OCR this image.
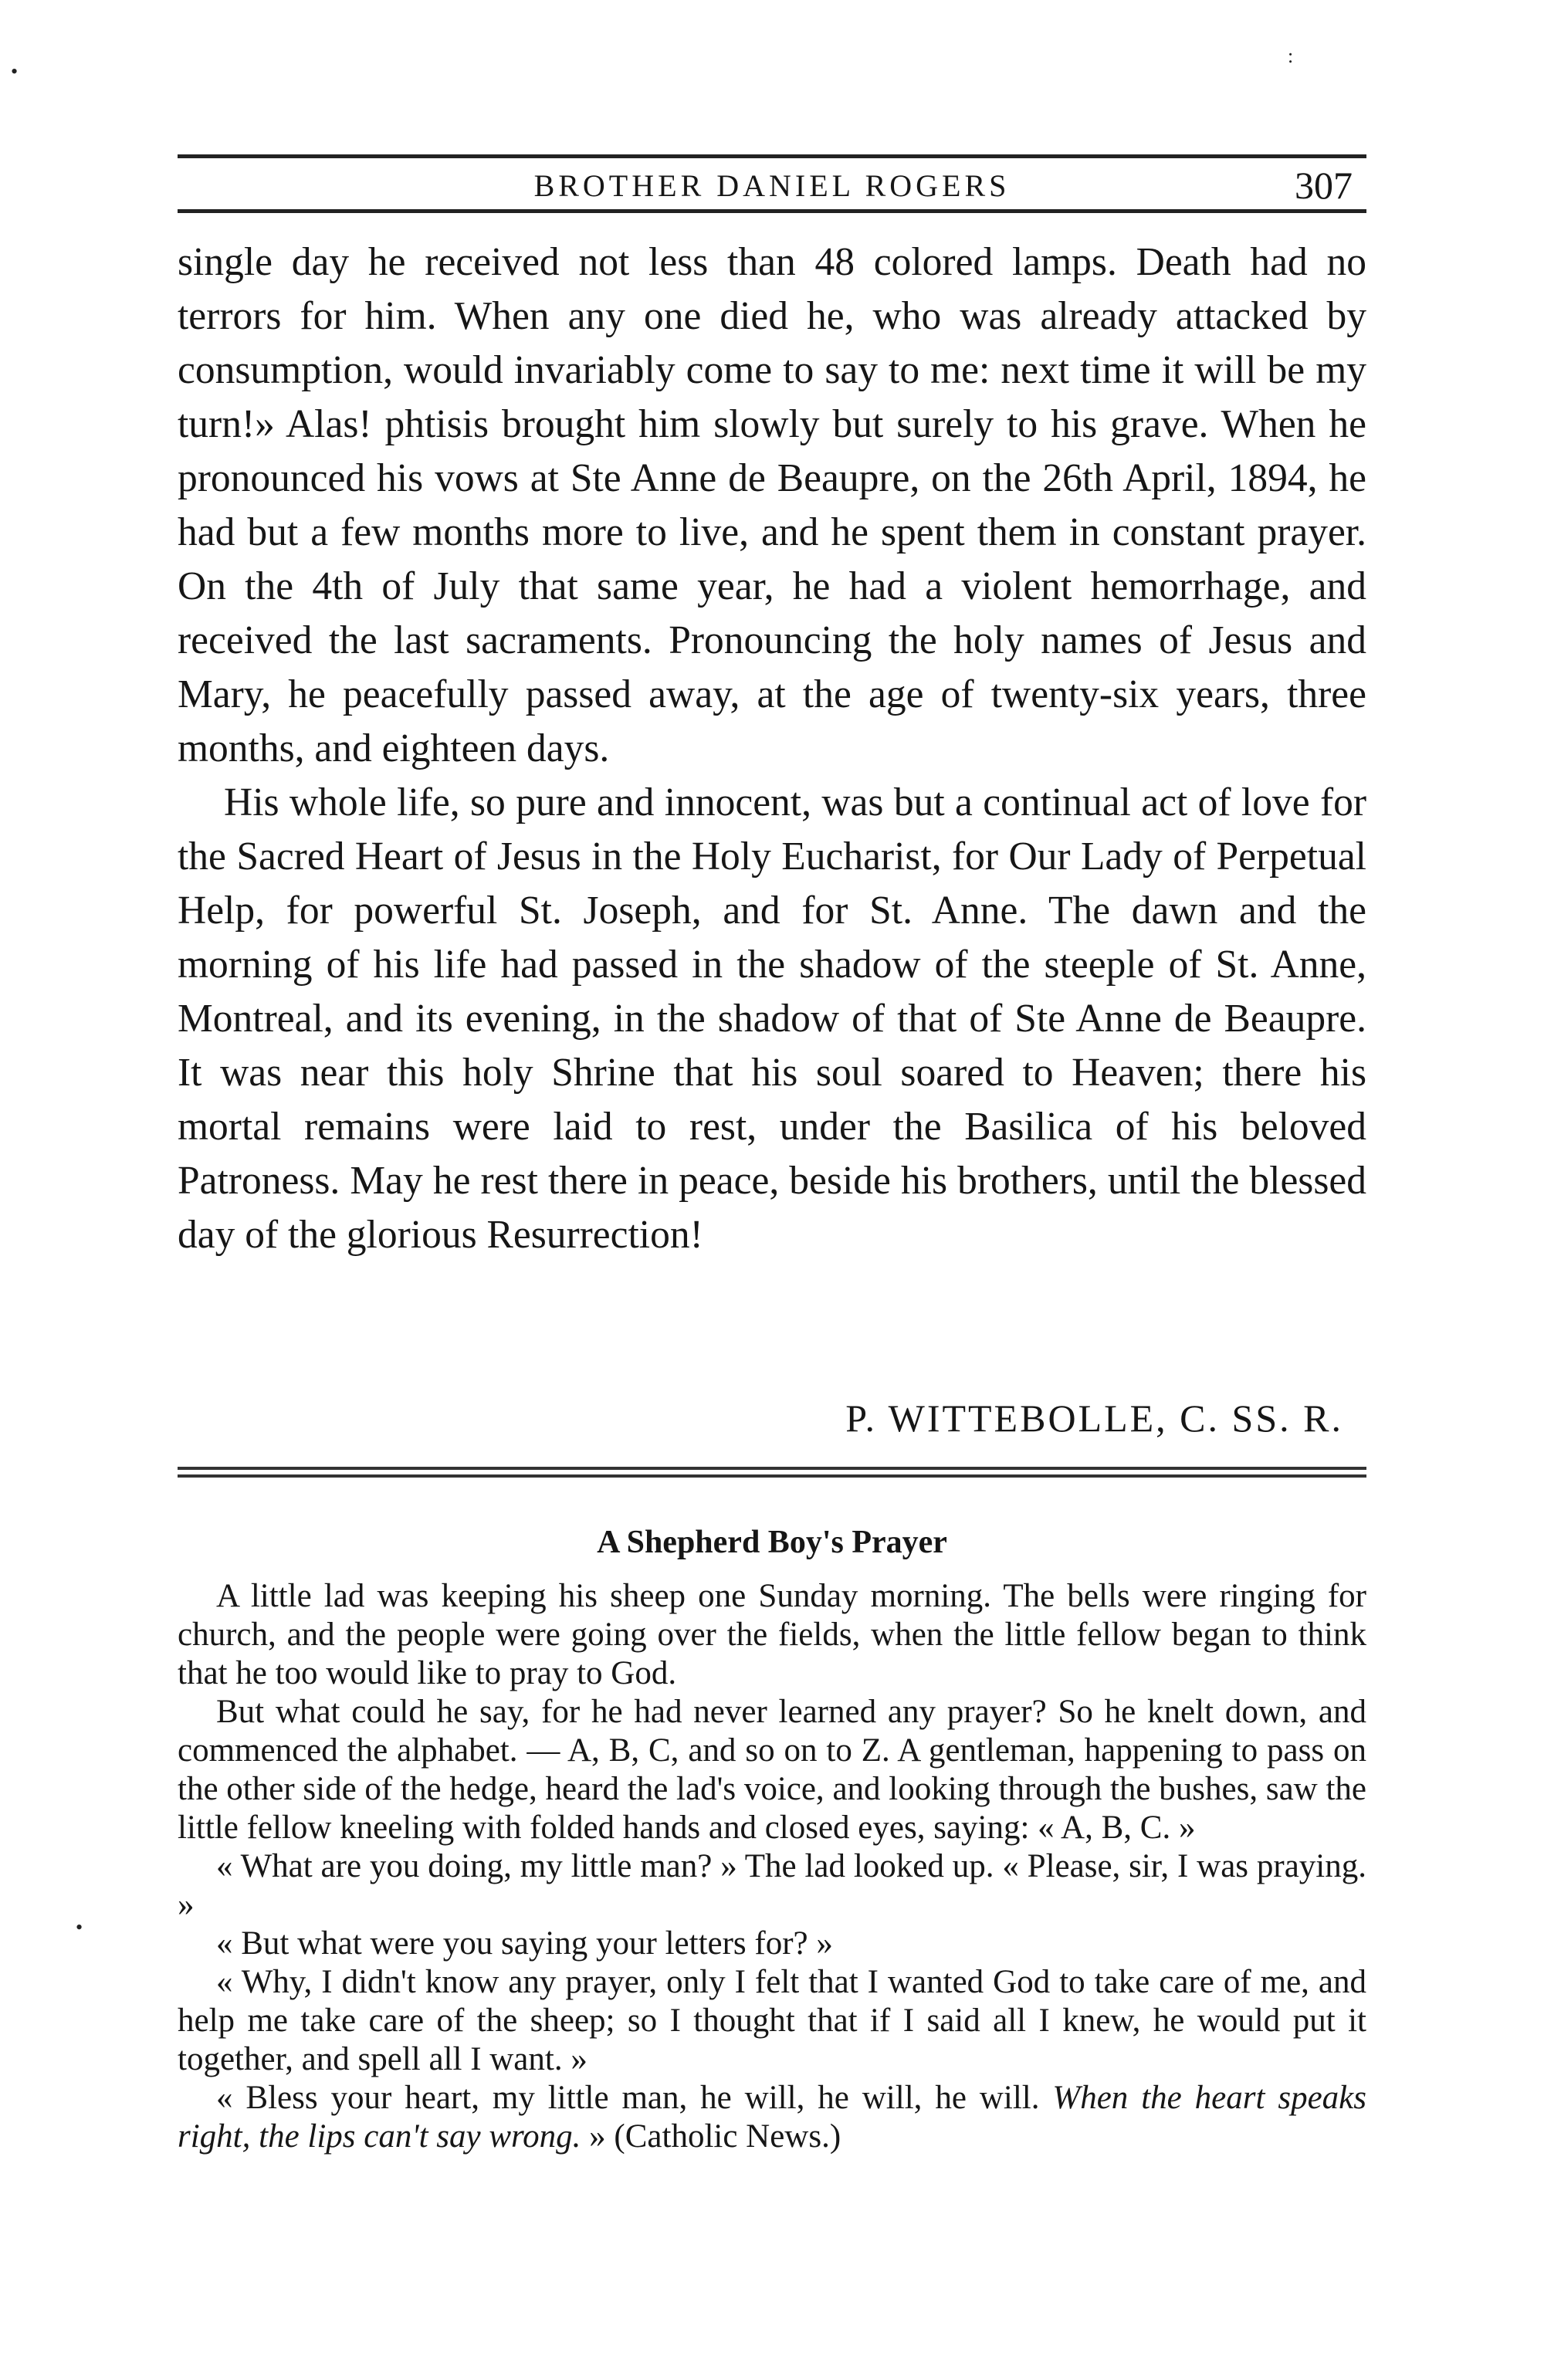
•
:
•
BROTHER DANIEL ROGERS	307

single day he received not less than 48 colored lamps. Death had no terrors for him. When any one died he, who was already attacked by consumption, would invariably come to say to me: next time it will be my turn!» Alas! phtisis brought him slowly but surely to his grave. When he pronounced his vows at Ste Anne de Beaupre, on the 26th April, 1894, he had but a few months more to live, and he spent them in constant prayer. On the 4th of July that same year, he had a violent hemorrhage, and received the last sacraments. Pronouncing the holy names of Jesus and Mary, he peacefully passed away, at the age of twenty-six years, three months, and eighteen days.

His whole life, so pure and innocent, was but a continual act of love for the Sacred Heart of Jesus in the Holy Eucharist, for Our Lady of Perpetual Help, for powerful St. Joseph, and for St. Anne. The dawn and the morning of his life had passed in the shadow of the steeple of St. Anne, Montreal, and its evening, in the shadow of that of Ste Anne de Beaupre. It was near this holy Shrine that his soul soared to Heaven; there his mortal remains were laid to rest, under the Basilica of his beloved Patroness. May he rest there in peace, beside his brothers, until the blessed day of the glorious Resurrection!

P. WITTEBOLLE, C. SS. R.
A Shepherd Boy's Prayer

A little lad was keeping his sheep one Sunday morning. The bells were ringing for church, and the people were going over the fields, when the little fellow began to think that he too would like to pray to God.

But what could he say, for he had never learned any prayer? So he knelt down, and commenced the alphabet. — A, B, C, and so on to Z. A gentleman, happening to pass on the other side of the hedge, heard the lad's voice, and looking through the bushes, saw the little fellow kneeling with folded hands and closed eyes, saying: « A, B, C. »

« What are you doing, my little man? » The lad looked up. « Please, sir, I was praying. »

« But what were you saying your letters for? »

« Why, I didn't know any prayer, only I felt that I wanted God to take care of me, and help me take care of the sheep; so I thought that if I said all I knew, he would put it together, and spell all I want. »

« Bless your heart, my little man, he will, he will, he will. When the heart speaks right, the lips can't say wrong. » (Catholic News.)
